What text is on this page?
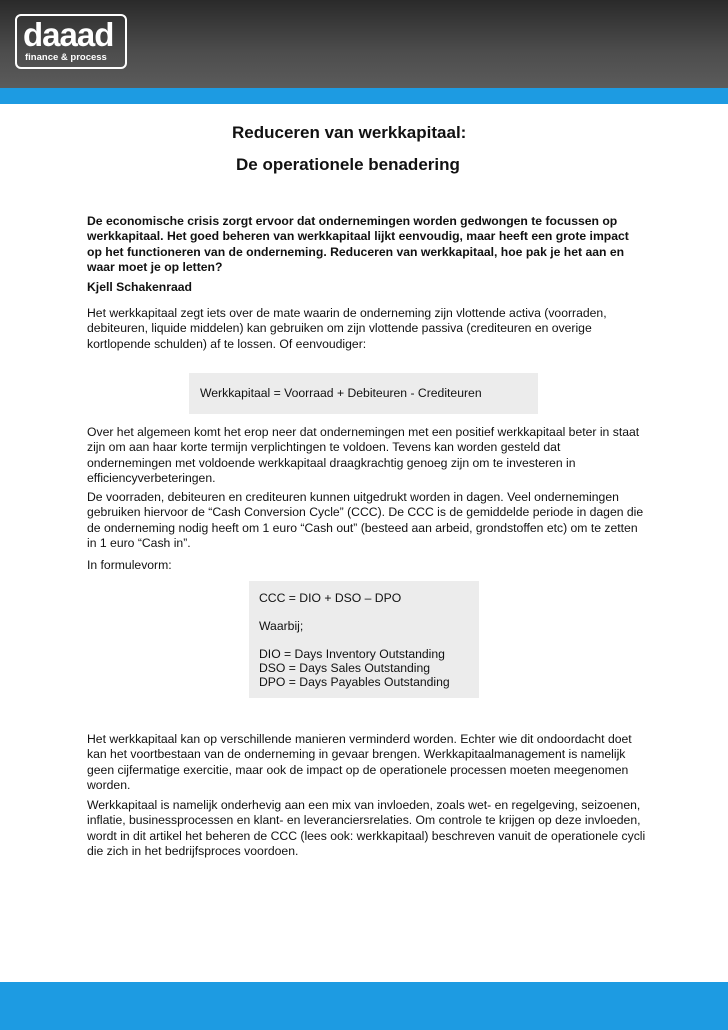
daaad
finance & process
Reduceren van werkkapitaal:
De operationele benadering

De economische crisis zorgt ervoor dat ondernemingen worden gedwongen te focussen op werkkapitaal. Het goed beheren van werkkapitaal lijkt eenvoudig, maar heeft een grote impact op het functioneren van de onderneming. Reduceren van werkkapitaal, hoe pak je het aan en waar moet je op letten?

Kjell Schakenraad

Het werkkapitaal zegt iets over de mate waarin de onderneming zijn vlottende activa (voorraden, debiteuren, liquide middelen) kan gebruiken om zijn vlottende passiva (crediteuren en overige kortlopende schulden) af te lossen. Of eenvoudiger:

Werkkapitaal = Voorraad + Debiteuren - Crediteuren

Over het algemeen komt het erop neer dat ondernemingen met een positief werkkapitaal beter in staat zijn om aan haar korte termijn verplichtingen te voldoen. Tevens kan worden gesteld dat ondernemingen met voldoende werkkapitaal draagkrachtig genoeg zijn om te investeren in efficiencyverbeteringen.

De voorraden, debiteuren en crediteuren kunnen uitgedrukt worden in dagen. Veel ondernemingen gebruiken hiervoor de “Cash Conversion Cycle” (CCC). De CCC is de gemiddelde periode in dagen die de onderneming nodig heeft om 1 euro “Cash out” (besteed aan arbeid, grondstoffen etc) om te zetten in 1 euro “Cash in”.

In formulevorm:

CCC = DIO + DSO – DPO
Waarbij;
DIO = Days Inventory Outstanding
DSO = Days Sales Outstanding
DPO = Days Payables Outstanding

Het werkkapitaal kan op verschillende manieren verminderd worden. Echter wie dit ondoordacht doet kan het voortbestaan van de onderneming in gevaar brengen. Werkkapitaalmanagement is namelijk geen cijfermatige exercitie, maar ook de impact op de operationele processen moeten meegenomen worden.

Werkkapitaal is namelijk onderhevig aan een mix van invloeden, zoals wet- en regelgeving, seizoenen, inflatie, businessprocessen en klant- en leveranciersrelaties. Om controle te krijgen op deze invloeden, wordt in dit artikel het beheren de CCC (lees ook: werkkapitaal) beschreven vanuit de operationele cycli die zich in het bedrijfsproces voordoen.
